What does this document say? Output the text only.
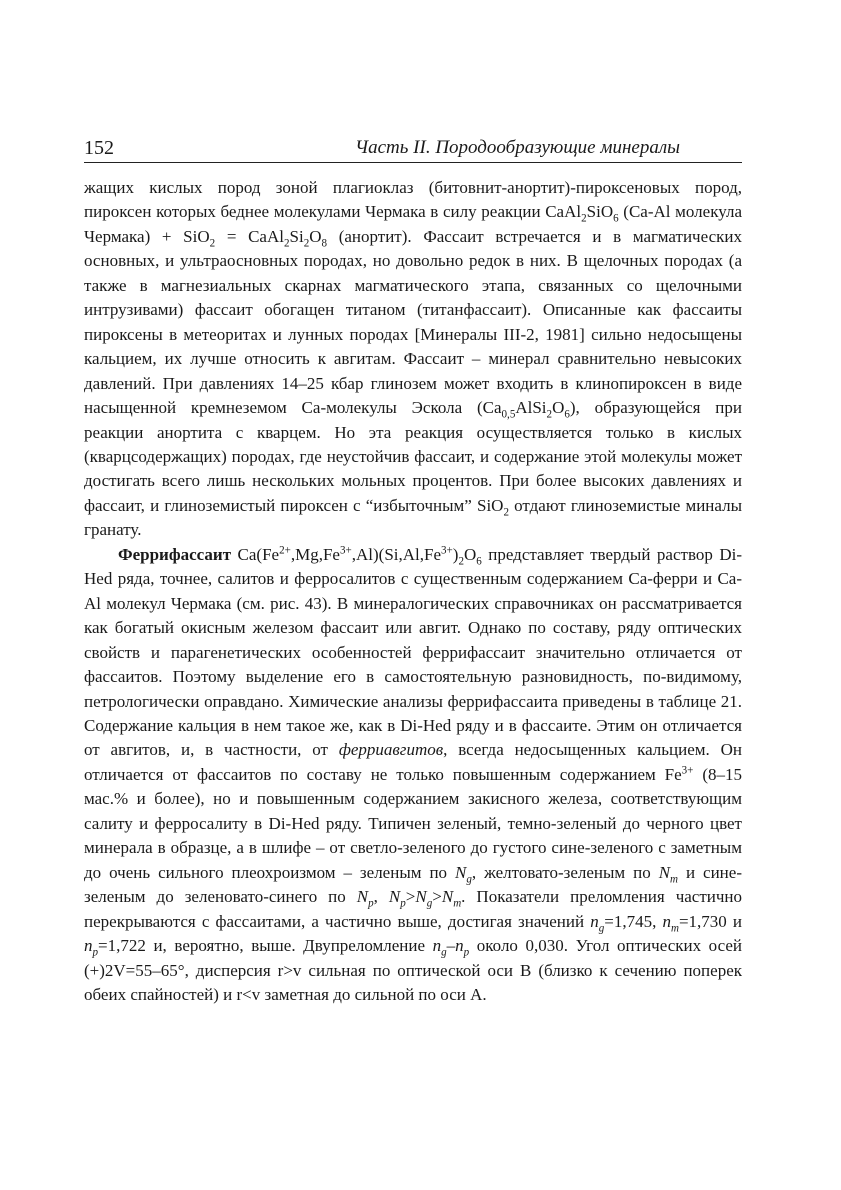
152	Часть II. Породообразующие минералы

жащих кислых пород зоной плагиоклаз (битовнит-анортит)-пироксеновых пород, пироксен которых беднее молекулами Чермака в силу реакции CaAl$_2$SiO$_6$ (Ca-Al молекула Чермака) + $SiO_2 = CaAl_2Si_2O_8$ (анортит). Фассаит встречается и в магматических основных, и ультраосновных породах, но довольно редок в них. В щелочных породах (а также в магнезиальных скарнах магматического этапа, связанных со щелочными интрузивами) фассаит обогащен титаном (титанфассаит). Описанные как фассаиты пироксены в метеоритах и лунных породах [Минералы III-2, 1981] сильно недосыщены кальцием, их лучше относить к авгитам. Фассаит – минерал сравнительно невысоких давлений. При давлениях 14–25 кбар глинозем может входить в клинопироксен в виде насыщенной кремнеземом Ca-молекулы Эскола $(Ca_{0,5}AlSi_2O_6)$, образующейся при реакции анортита с кварцем. Но эта реакция осуществляется только в кислых (кварцсодержащих) породах, где неустойчив фассаит, и содержание этой молекулы может достигать всего лишь нескольких мольных процентов. При более высоких давлениях и фассаит, и глиноземистый пироксен с “избыточным” SiO$_2$ отдают глиноземистые миналы гранату.

Феррифассаит $Ca(Fe^{2+},Mg,Fe^{3+},Al)(Si,Al,Fe^{3+})_2O_6$ представляет твердый раствор Di-Hed ряда, точнее, салитов и ферросалитов с существенным содержанием Ca-ферри и Ca-Al молекул Чермака (см. рис. 43). В минералогических справочниках он рассматривается как богатый окисным железом фассаит или авгит. Однако по составу, ряду оптических свойств и парагенетических особенностей феррифассаит значительно отличается от фассаитов. Поэтому выделение его в самостоятельную разновидность, по-видимому, петрологически оправдано. Химические анализы феррифассаита приведены в таблице 21. Содержание кальция в нем такое же, как в Di-Hed ряду и в фассаите. Этим он отличается от авгитов, и, в частности, от ферриавгитов, всегда недосыщенных кальцием. Он отличается от фассаитов по составу не только повышенным содержанием $Fe^{3+}$ (8–15 мас.% и более), но и повышенным содержанием закисного железа, соответствующим салиту и ферросалиту в Di-Hed ряду. Типичен зеленый, темно-зеленый до черного цвет минерала в образце, а в шлифе – от светло-зеленого до густого сине-зеленого с заметным до очень сильного плеохроизмом – зеленым по $N_g$, желтовато-зеленым по $N_m$ и сине-зеленым до зеленовато-синего по $N_p$, $N_p>N_g>N_m$. Показатели преломления частично перекрываются с фассаитами, а частично выше, достигая значений $n_g=1,745$, $n_m=1,730$ и $n_p=1,722$ и, вероятно, выше. Двупреломление $n_g-n_p$ около 0,030. Угол оптических осей (+)2V=55–65°, дисперсия r>v сильная по оптической оси B (близко к сечению поперек обеих спайностей) и r<v заметная до сильной по оси A.
